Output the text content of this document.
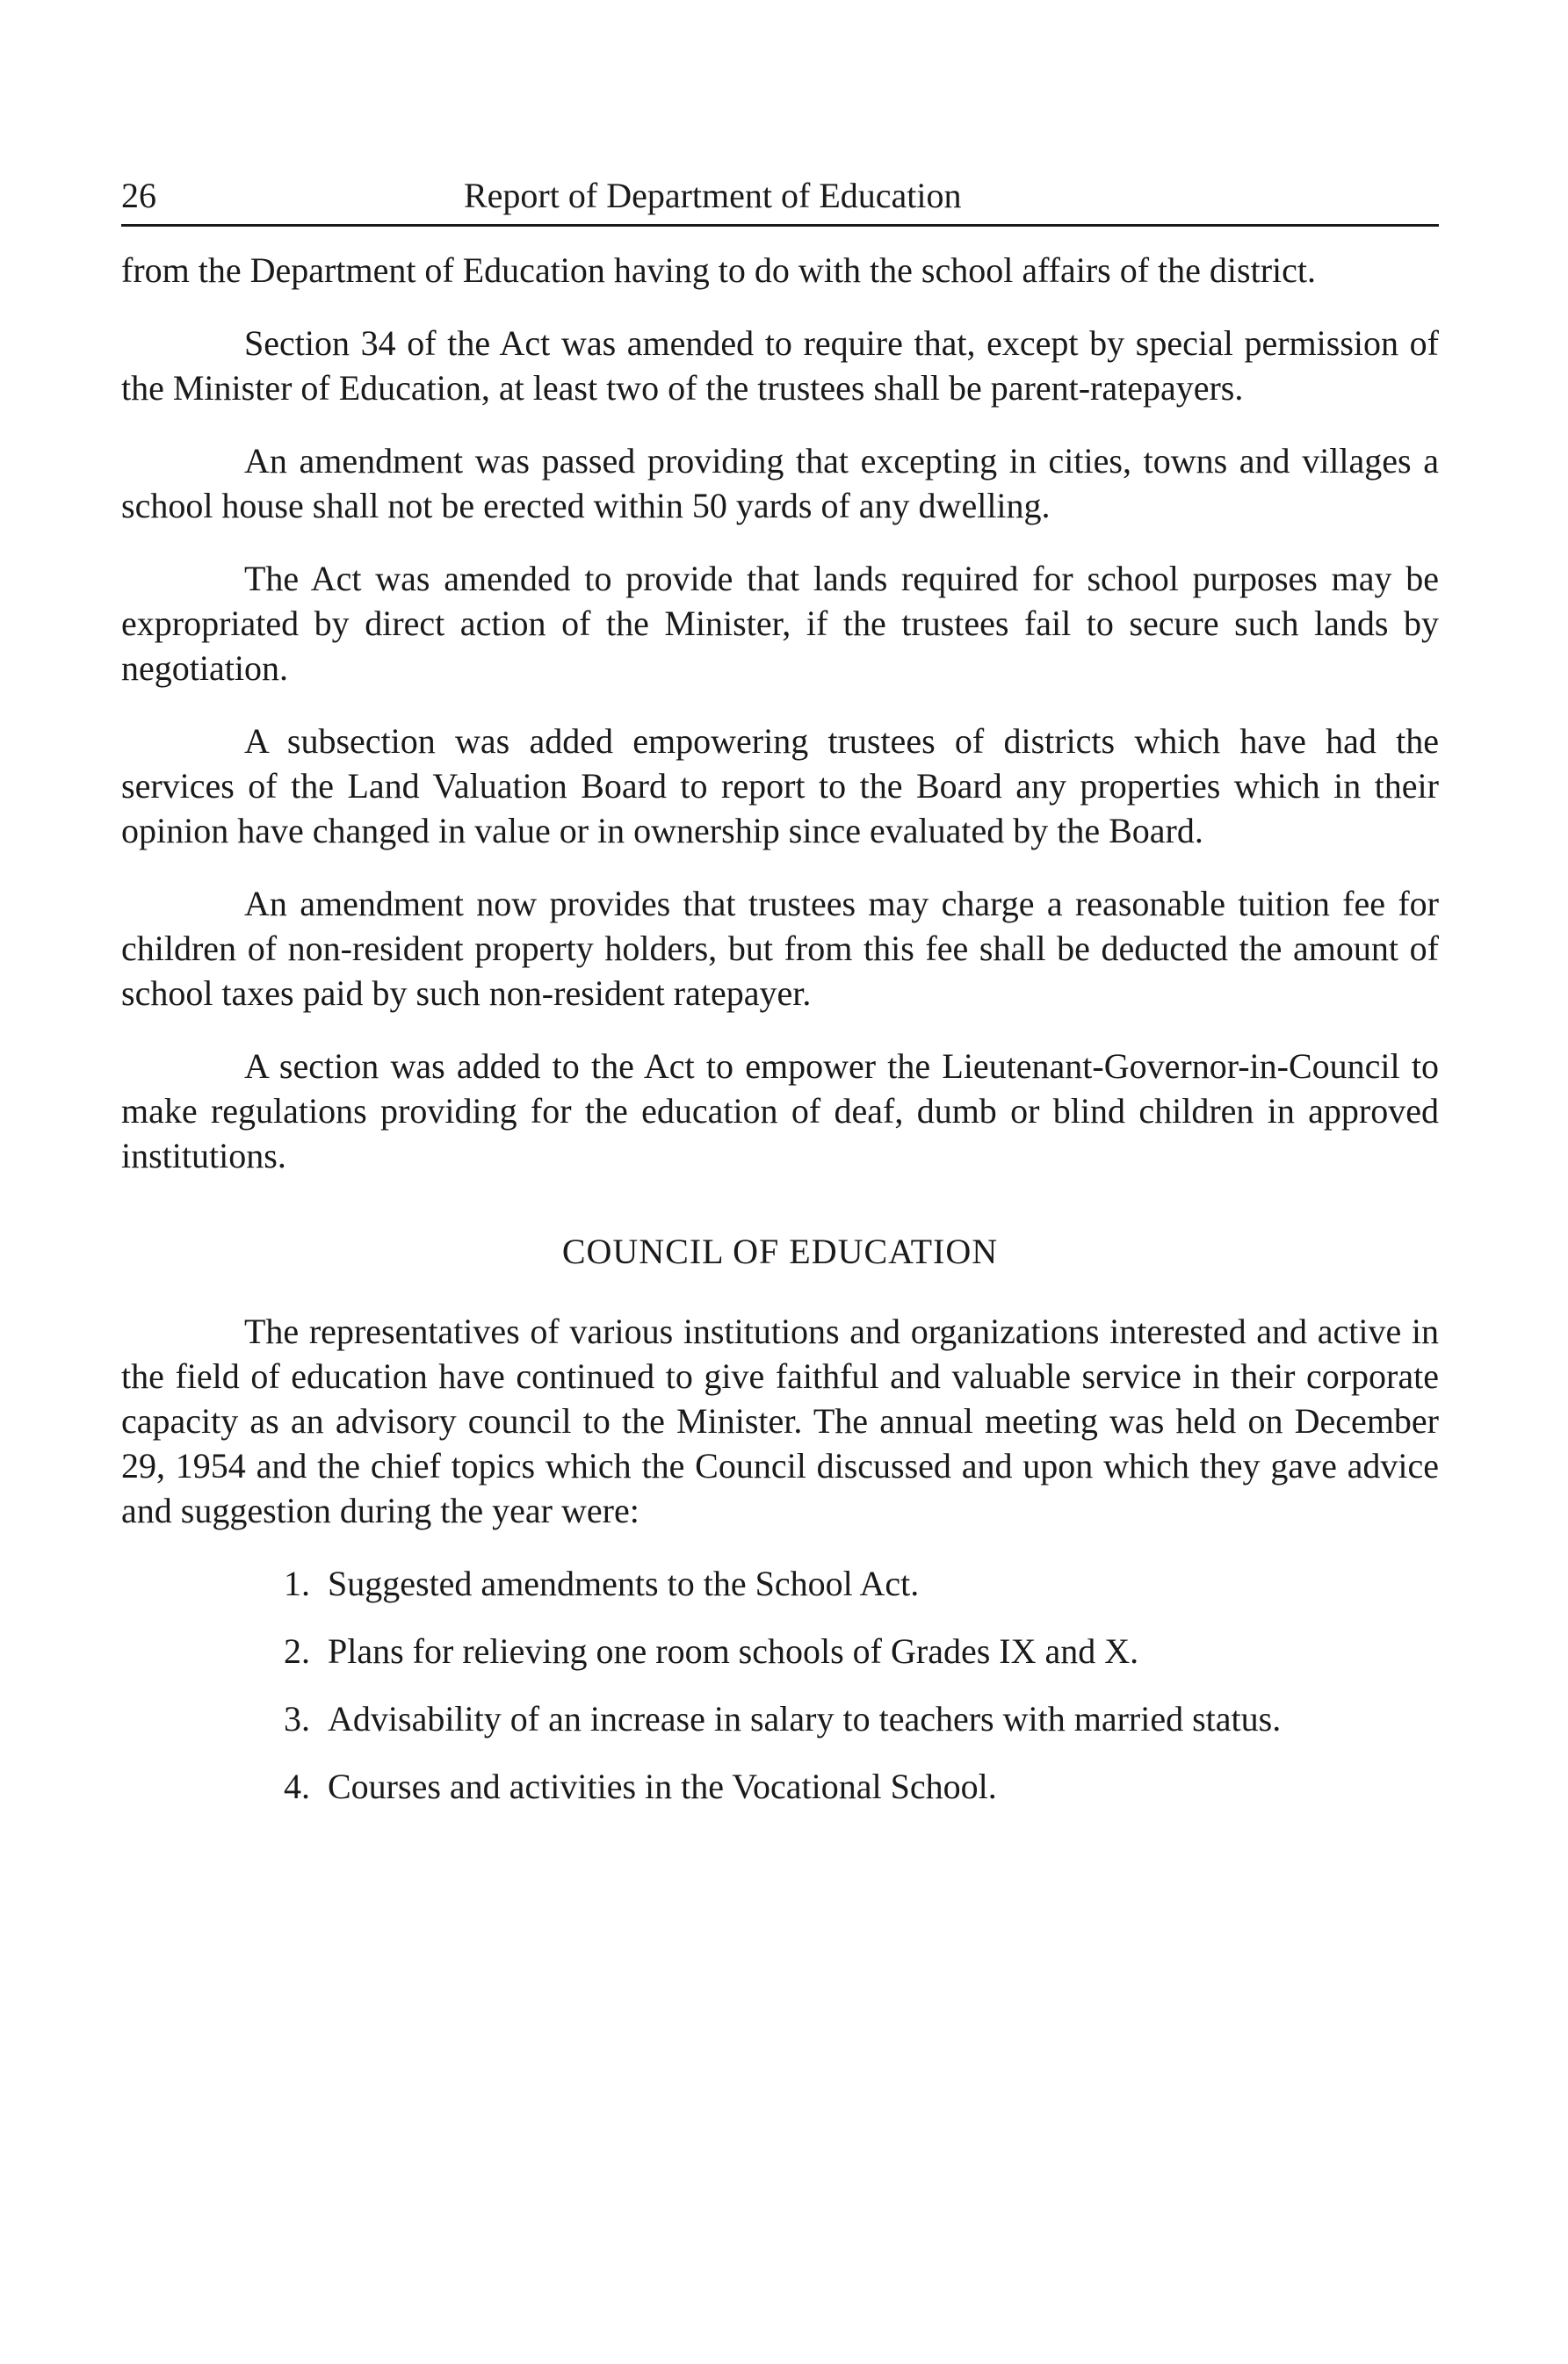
26	Report of Department of Education

from the Department of Education having to do with the school affairs of the district.

Section 34 of the Act was amended to require that, except by special permission of the Minister of Education, at least two of the trustees shall be parent-ratepayers.

An amendment was passed providing that excepting in cities, towns and villages a school house shall not be erected within 50 yards of any dwelling.

The Act was amended to provide that lands required for school purposes may be expropriated by direct action of the Minister, if the trustees fail to secure such lands by negotiation.

A subsection was added empowering trustees of districts which have had the services of the Land Valuation Board to report to the Board any properties which in their opinion have changed in value or in ownership since evaluated by the Board.

An amendment now provides that trustees may charge a reasonable tuition fee for children of non-resident property holders, but from this fee shall be deducted the amount of school taxes paid by such non-resident ratepayer.

A section was added to the Act to empower the Lieutenant-Governor-in-Council to make regulations providing for the education of deaf, dumb or blind children in approved institutions.

COUNCIL OF EDUCATION

The representatives of various institutions and organizations interested and active in the field of education have continued to give faithful and valuable service in their corporate capacity as an advisory council to the Minister. The annual meeting was held on December 29, 1954 and the chief topics which the Council discussed and upon which they gave advice and suggestion during the year were:

1. Suggested amendments to the School Act.
2. Plans for relieving one room schools of Grades IX and X.
3. Advisability of an increase in salary to teachers with married status.
4. Courses and activities in the Vocational School.
